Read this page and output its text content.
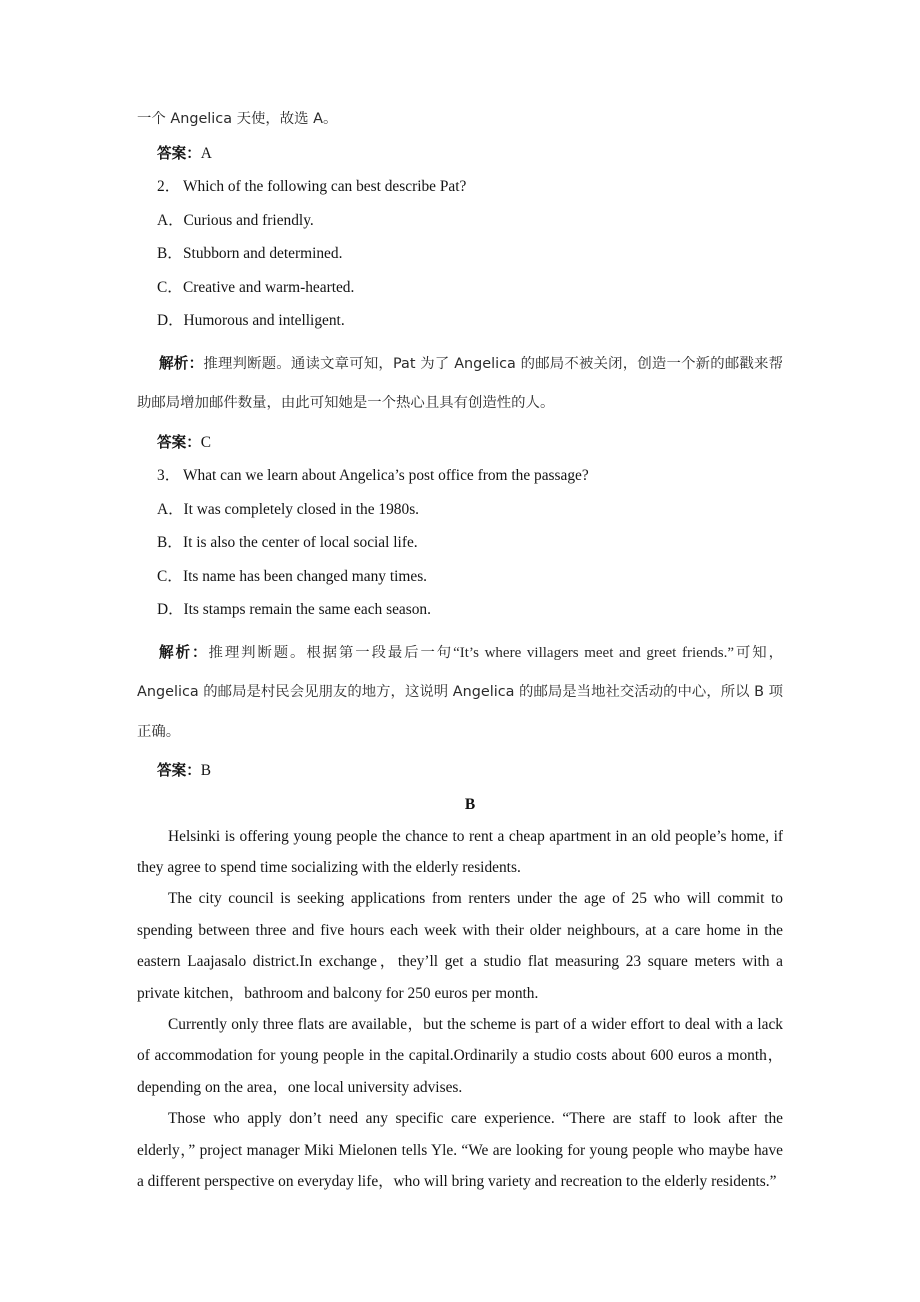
一个 Angelica 天使，故选 A。
答案：A
2． Which of the following can best describe Pat?
A．Curious and friendly.
B．Stubborn and determined.
C．Creative and warm-hearted.
D．Humorous and intelligent.

解析：推理判断题。通读文章可知，Pat 为了 Angelica 的邮局不被关闭，创造一个新的邮戳来帮助邮局增加邮件数量，由此可知她是一个热心且具有创造性的人。

答案：C
3． What can we learn about Angelica’s post office from the passage?
A．It was completely closed in the 1980s.
B．It is also the center of local social life.
C．Its name has been changed many times.
D．Its stamps remain the same each season.

解析：推理判断题。根据第一段最后一句“It’s where villagers meet and greet friends.”可知，Angelica 的邮局是村民会见朋友的地方，这说明 Angelica 的邮局是当地社交活动的中心，所以 B 项正确。

答案：B
B

Helsinki is offering young people the chance to rent a cheap apartment in an old people’s home, if they agree to spend time socializing with the elderly residents.

The city council is seeking applications from renters under the age of 25 who will commit to spending between three and five hours each week with their older neighbours, at a care home in the eastern Laajasalo district.In exchange，they’ll get a studio flat measuring 23 square meters with a private kitchen，bathroom and balcony for 250 euros per month.

Currently only three flats are available，but the scheme is part of a wider effort to deal with a lack of accommodation for young people in the capital.Ordinarily a studio costs about 600 euros a month，depending on the area，one local university advises.

Those who apply don’t need any specific care experience. “There are staff to look after the elderly，” project manager Miki Mielonen tells Yle. “We are looking for young people who maybe have a different perspective on everyday life，who will bring variety and recreation to the elderly residents.”
